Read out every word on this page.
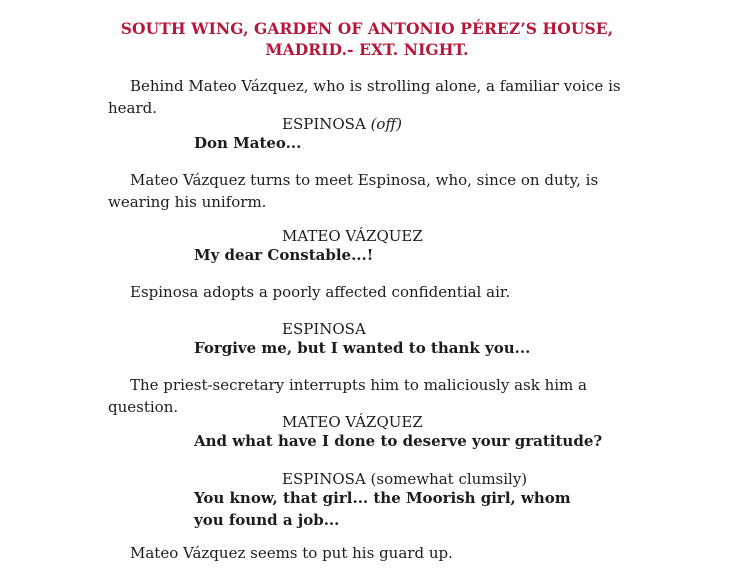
SOUTH WING, GARDEN OF ANTONIO PÉREZ’S HOUSE,
MADRID.- EXT. NIGHT.
Behind Mateo Vázquez, who is strolling alone, a familiar voice is heard.
ESPINOSA (off)
Don Mateo...
Mateo Vázquez turns to meet Espinosa, who, since on duty, is wearing his uniform.
MATEO VÁZQUEZ
My dear Constable...!
Espinosa adopts a poorly affected confidential air.
ESPINOSA
Forgive me, but I wanted to thank you...
The priest-secretary interrupts him to maliciously ask him a question.
MATEO VÁZQUEZ
And what have I done to deserve your gratitude?
ESPINOSA (somewhat clumsily)
You know, that girl... the Moorish girl, whom you found a job...
Mateo Vázquez seems to put his guard up.
